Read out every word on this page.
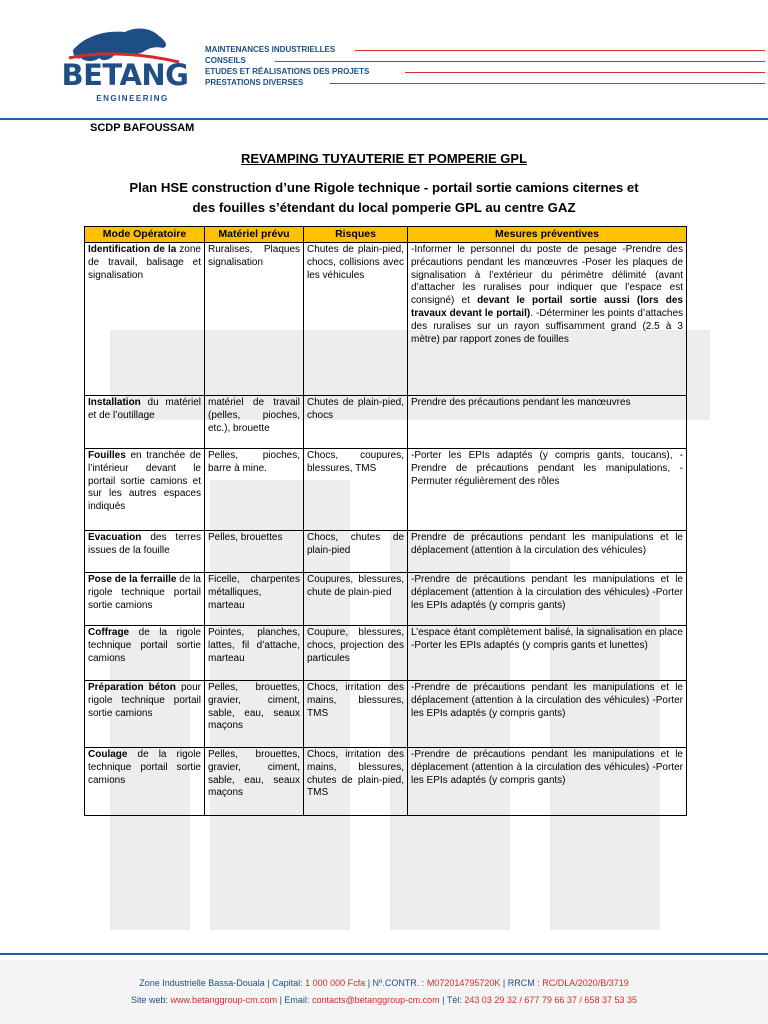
BETANG
ENGINEERING
MAINTENANCES INDUSTRIELLES
CONSEILS
ETUDES ET RÉALISATIONS DES PROJETS
PRESTATIONS DIVERSES
SCDP BAFOUSSAM
REVAMPING TUYAUTERIE ET POMPERIE GPL
Plan HSE construction d’une Rigole technique - portail sortie camions citernes et
des fouilles s’étendant du local pomperie GPL au centre GAZ
Mode Opératoire	Matériel prévu	Risques	Mesures préventives
Identification de la zone de travail, balisage et signalisation	Ruralises, Plaques signalisation	Chutes de plain-pied, chocs, collisions avec les véhicules	-Informer le personnel du poste de pesage -Prendre des précautions pendant les manœuvres -Poser les plaques de signalisation à l’extérieur du périmètre délimité (avant d’attacher les ruralises pour indiquer que l’espace est consigné) et devant le portail sortie aussi (lors des travaux devant le portail). -Déterminer les points d’attaches des ruralises sur un rayon suffisamment grand (2.5 à 3 mètre) par rapport zones de fouilles
Installation du matériel et de l’outillage	matériel de travail (pelles, pioches, etc.), brouette	Chutes de plain-pied, chocs	Prendre des précautions pendant les manœuvres
Fouilles en tranchée de l’intérieur devant le portail sortie camions et sur les autres espaces indiqués	Pelles, pioches, barre à mine.	Chocs, coupures, blessures, TMS	-Porter les EPIs adaptés (y compris gants, toucans), -Prendre de précautions pendant les manipulations, -Permuter régulièrement des rôles
Evacuation des terres issues de la fouille	Pelles, brouettes	Chocs, chutes de plain-pied	Prendre de précautions pendant les manipulations et le déplacement (attention à la circulation des véhicules)
Pose de la ferraille de la rigole technique portail sortie camions	Ficelle, charpentes métalliques, marteau	Coupures, blessures, chute de plain-pied	-Prendre de précautions pendant les manipulations et le déplacement (attention à la circulation des véhicules) -Porter les EPIs adaptés (y compris gants)
Coffrage de la rigole technique portail sortie camions	Pointes, planches, lattes, fil d’attache, marteau	Coupure, blessures, chocs, projection des particules	L’espace étant complètement balisé, la signalisation en place -Porter les EPIs adaptés (y compris gants et lunettes)
Préparation béton pour rigole technique portail sortie camions	Pelles, brouettes, gravier, ciment, sable, eau, seaux maçons	Chocs, irritation des mains, blessures, TMS	-Prendre de précautions pendant les manipulations et le déplacement (attention à la circulation des véhicules) -Porter les EPIs adaptés (y compris gants)
Coulage de la rigole technique portail sortie camions	Pelles, brouettes, gravier, ciment, sable, eau, seaux maçons	Chocs, irritation des mains, blessures, chutes de plain-pied, TMS	-Prendre de précautions pendant les manipulations et le déplacement (attention à la circulation des véhicules) -Porter les EPIs adaptés (y compris gants)
Zone Industrielle Bassa-Douala | Capital: 1 000 000 Fcfa | Nº.CONTR. : M072014795720K | RRCM : RC/DLA/2020/B/3719
Site web: www.betanggroup-cm.com | Email: contacts@betanggroup-cm.com | Tél: 243 03 29 32 / 677 79 66 37 / 658 37 53 35
